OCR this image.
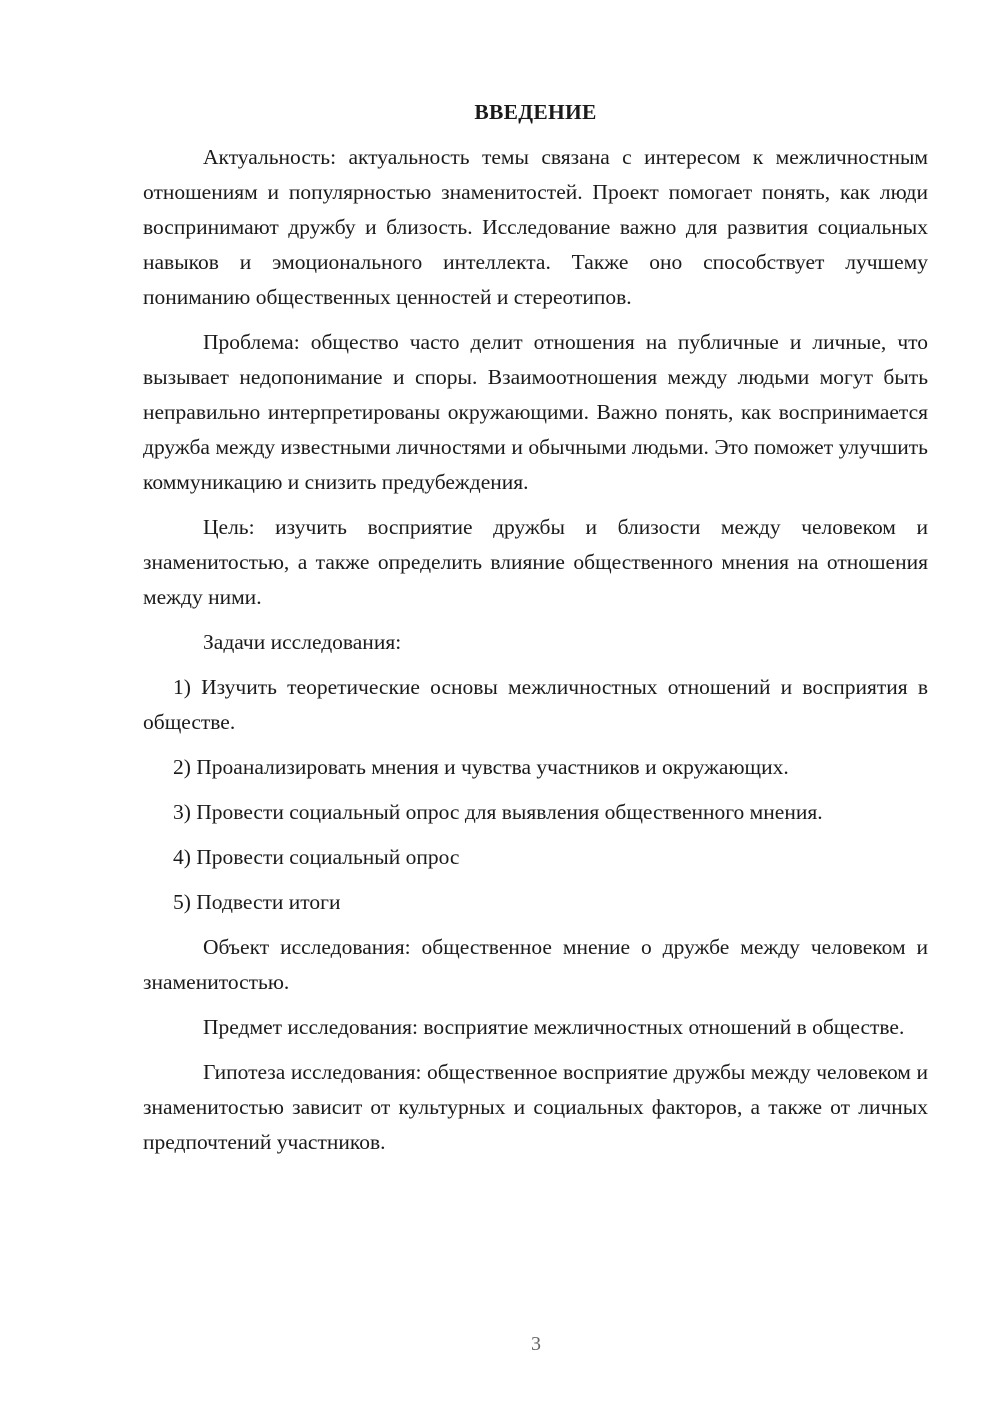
ВВЕДЕНИЕ

Актуальность: актуальность темы связана с интересом к межличностным отношениям и популярностью знаменитостей. Проект помогает понять, как люди воспринимают дружбу и близость. Исследование важно для развития социальных навыков и эмоционального интеллекта. Также оно способствует лучшему пониманию общественных ценностей и стереотипов.

Проблема: общество часто делит отношения на публичные и личные, что вызывает недопонимание и споры. Взаимоотношения между людьми могут быть неправильно интерпретированы окружающими. Важно понять, как воспринимается дружба между известными личностями и обычными людьми. Это поможет улучшить коммуникацию и снизить предубеждения.

Цель: изучить восприятие дружбы и близости между человеком и знаменитостью, а также определить влияние общественного мнения на отношения между ними.

Задачи исследования:

1) Изучить теоретические основы межличностных отношений и восприятия в обществе.

2) Проанализировать мнения и чувства участников и окружающих.

3) Провести социальный опрос для выявления общественного мнения.

4) Провести социальный опрос

5) Подвести итоги

Объект исследования: общественное мнение о дружбе между человеком и знаменитостью.

Предмет исследования: восприятие межличностных отношений в обществе.

Гипотеза исследования: общественное восприятие дружбы между человеком и знаменитостью зависит от культурных и социальных факторов, а также от личных предпочтений участников.

3
